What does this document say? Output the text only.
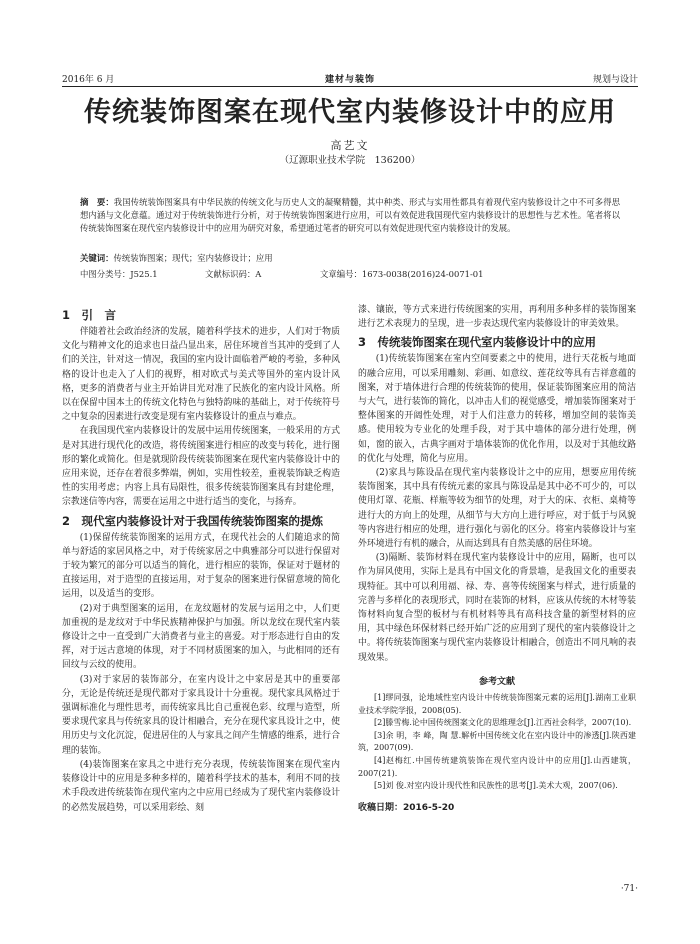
2016年 6 月	建材与装饰	规划与设计
传统装饰图案在现代室内装修设计中的应用
高艺文
（辽源职业技术学院　136200）
摘　要：我国传统装饰图案具有中华民族的传统文化与历史人文的凝聚精髓，其中种类、形式与实用性都具有着现代室内装修设计之中不可多得思想内涵与文化意蕴。通过对于传统装饰进行分析，对于传统装饰图案进行应用，可以有效促进我国现代室内装修设计的思想性与艺术性。笔者将以传统装饰图案在现代室内装修设计中的应用为研究对象，希望通过笔者的研究可以有效促进现代室内装修设计的发展。
关键词：传统装饰图案；现代；室内装修设计；应用
中图分类号：J525.1	文献标识码：A	文章编号：1673-0038(2016)24-0071-01
1　引　言

伴随着社会政治经济的发展，随着科学技术的进步，人们对于物质文化与精神文化的追求也日益凸显出来，居住环境首当其冲的受到了人们的关注，针对这一情况，我国的室内设计面临着严峻的考验，多种风格的设计也走入了人们的视野，相对欧式与美式等国外的室内设计风格，更多的消费者与业主开始讲目光对准了民族化的室内设计风格。所以在保留中国本土的传统文化特色与独特韵味的基础上，对于传统符号之中复杂的因素进行改变是现有室内装修设计的重点与难点。

在我国现代室内装修设计的发展中运用传统图案，一般采用的方式是对其进行现代化的改造，将传统图案进行相应的改变与转化，进行图形的繁化或简化。但是就现阶段传统装饰图案在现代室内装修设计中的应用来说，还存在着很多弊端，例如，实用性较差，重视装饰缺乏构造性的实用考虑；内容上具有局限性，很多传统装饰图案具有封建伦理，宗教迷信等内容，需要在运用之中进行适当的变化，与扬弃。

2　现代室内装修设计对于我国传统装饰图案的提炼

(1)保留传统装饰图案的运用方式，在现代社会的人们随追求的简单与舒适的家居风格之中，对于传统家居之中典雅部分可以进行保留对于较为繁冗的部分可以适当的简化，进行相应的装饰，保证对于题材的直接运用，对于造型的直接运用，对于复杂的图案进行保留意境的简化运用，以及适当的变形。

(2)对于典型图案的运用，在龙纹题材的发展与运用之中，人们更加重视的是龙纹对于中华民族精神保护与加强。所以龙纹在现代室内装修设计之中一直受到广大消费者与业主的喜爱。对于形态进行自由的发挥，对于远古意境的体现，对于不同材质图案的加入，与此相同的还有回纹与云纹的使用。

(3)对于家居的装饰部分，在室内设计之中家居是其中的重要部分，无论是传统还是现代都对于家具设计十分重视。现代家具风格过于强调标准化与理性思考，而传统家具比自己重视色彩、纹理与造型，所要求现代家具与传统家具的设计相融合，充分在现代家具设计之中，使用历史与文化沉淀，促进居住的人与家具之间产生情感的维系，进行合理的装饰。

(4)装饰图案在家具之中进行充分表现，传统装饰图案在现代室内装修设计中的应用是多种多样的，随着科学技术的基本，利用不同的技术手段改进传统装饰在现代室内之中应用已经成为了现代室内装修设计的必然发展趋势，可以采用彩绘、刻

漆、镶嵌，等方式来进行传统图案的实用，再利用多种多样的装饰图案进行艺术表现力的呈现，进一步表达现代室内装修设计的审美效果。

3　传统装饰图案在现代室内装修设计中的应用

(1)传统装饰图案在室内空间要素之中的使用，进行天花板与地面的融合应用，可以采用雕刻、彩画、如意纹、莲花纹等具有吉祥意蕴的图案，对于墙体进行合理的传统装饰的使用，保证装饰图案应用的简洁与大气，进行装饰的简化，以冲击人们的视觉感受，增加装饰图案对于整体图案的开阔性处理，对于人们注意力的转移，增加空间的装饰美感。使用较为专业化的处理手段，对于其中墙体的部分进行处理，例如，窗的嵌入，古典字画对于墙体装饰的优化作用，以及对于其他纹路的优化与处理，简化与应用。

(2)家具与陈设品在现代室内装修设计之中的应用，想要应用传统装饰图案，其中具有传统元素的家具与陈设品是其中必不可少的，可以使用灯罩、花瓶、样瓶等较为细节的处理，对于大的床、衣柜、桌椅等进行大的方向上的处理，从细节与大方向上进行呼应，对于低于与风貌等内容进行相应的处理，进行强化与弱化的区分。将室内装修设计与室外环境进行有机的融合，从而达到具有自然美感的居住环境。

(3)隔断、装饰材料在现代室内装修设计中的应用，隔断，也可以作为屏风使用，实际上是具有中国文化的背景墙，是我国文化的重要表现特征。其中可以利用福、禄、寿、喜等传统图案与样式，进行质量的完善与多样化的表现形式，同时在装饰的材料，应该从传统的木材等装饰材料向复合型的板材与有机材料等具有高科技含量的新型材料的应用，其中绿色环保材料已经开始广泛的应用到了现代的室内装修设计之中。将传统装饰图案与现代室内装修设计相融合，创造出不同凡响的表现效果。

参考文献

[1]缪同强，论地域性室内设计中传统装饰图案元素的运用[J].湖南工业职业技术学院学报，2008(05).

[2]滕雪梅.论中国传统图案文化的思维理念[J].江西社会科学，2007(10).

[3]余 明，李 峰，陶 慧.解析中国传统文化在室内设计中的渗透[J].陕西建筑，2007(09).

[4]赵梅红.中国传统建筑装饰在现代室内设计中的应用[J].山西建筑，2007(21).

[5]刘 俊.对室内设计现代性和民族性的思考[J].美术大观，2007(06).

收稿日期：2016-5-20
·71·
